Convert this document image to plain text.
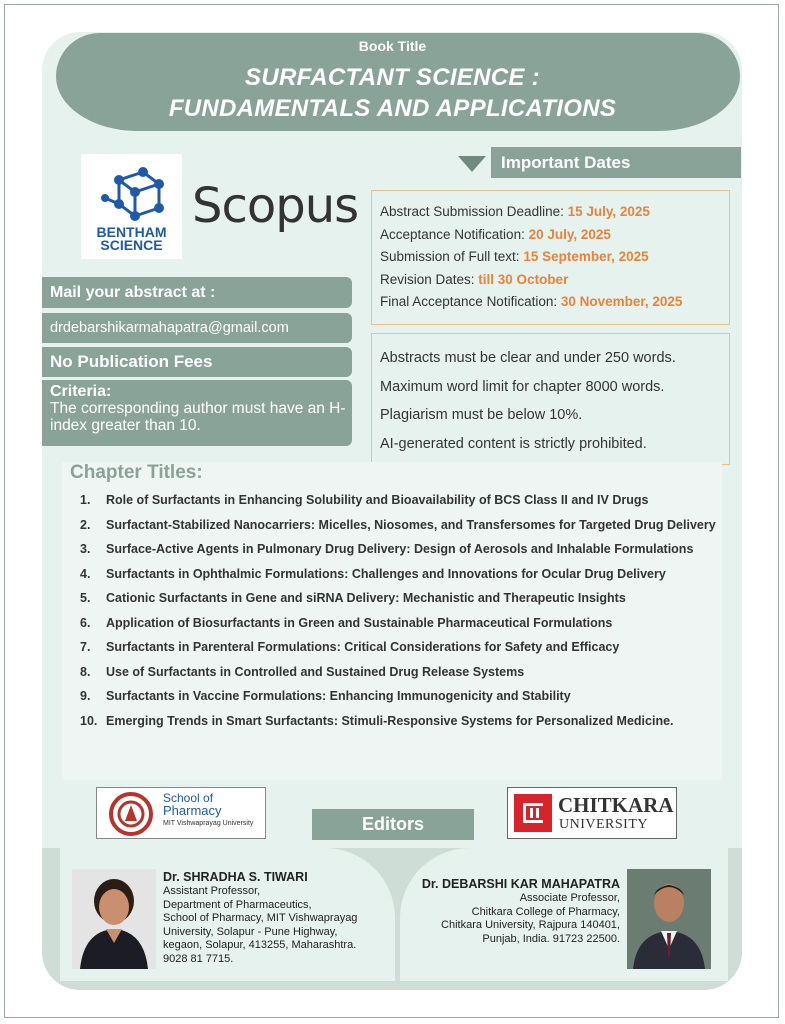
Book Title
SURFACTANT SCIENCE :
FUNDAMENTALS AND APPLICATIONS
BENTHAM SCIENCE
Scopus
Important Dates
Abstract Submission Deadline: 15 July, 2025
Acceptance Notification: 20 July, 2025
Submission of Full text: 15 September, 2025
Revision Dates: till 30 October
Final Acceptance Notification: 30 November, 2025
Abstracts must be clear and under 250 words.
Maximum word limit for chapter 8000 words.
Plagiarism must be below 10%.
AI-generated content is strictly prohibited.
Mail your abstract at :
drdebarshikarmahapatra@gmail.com
No Publication Fees
Criteria:
The corresponding author must have an H-index greater than 10.
Chapter Titles:
1.	Role of Surfactants in Enhancing Solubility and Bioavailability of BCS Class II and IV Drugs
2.	Surfactant-Stabilized Nanocarriers: Micelles, Niosomes, and Transfersomes for Targeted Drug Delivery
3.	Surface-Active Agents in Pulmonary Drug Delivery: Design of Aerosols and Inhalable Formulations
4.	Surfactants in Ophthalmic Formulations: Challenges and Innovations for Ocular Drug Delivery
5.	Cationic Surfactants in Gene and siRNA Delivery: Mechanistic and Therapeutic Insights
6.	Application of Biosurfactants in Green and Sustainable Pharmaceutical Formulations
7.	Surfactants in Parenteral Formulations: Critical Considerations for Safety and Efficacy
8.	Use of Surfactants in Controlled and Sustained Drug Release Systems
9.	Surfactants in Vaccine Formulations: Enhancing Immunogenicity and Stability
10. Emerging Trends in Smart Surfactants: Stimuli-Responsive Systems for Personalized Medicine.
School of
Pharmacy
MIT Vishwaprayag University	Editors
CHITKARA
UNIVERSITY
Dr. SHRADHA S. TIWARI
Assistant Professor,
Department of Pharmaceutics,
School of Pharmacy, MIT Vishwaprayag
University, Solapur - Pune Highway,
kegaon, Solapur, 413255, Maharashtra.
9028 81 7715.
Dr. DEBARSHI KAR MAHAPATRA
Associate Professor,
Chitkara College of Pharmacy,
Chitkara University, Rajpura 140401,
Punjab, India. 91723 22500.
